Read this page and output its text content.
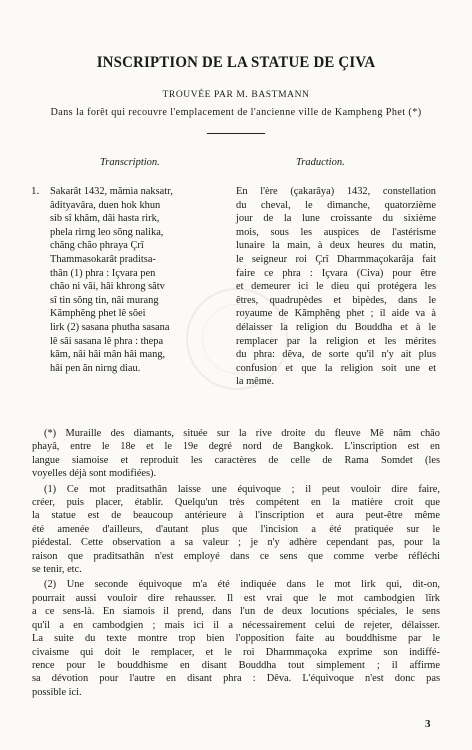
INSCRIPTION DE LA STATUE DE ÇIVA
TROUVÉE PAR M. BASTMANN
Dans la forêt qui recouvre l'emplacement de l'ancienne ville de Kampheng Phet (*)
Transcription.	Traduction.
1. Sakarât 1432, mămia naksatr,
âdityavâra, duen hok khun
sib sî khăm, dâi hasta rirk,
phela rirng leo sŏng nalika,
chăng chăo phraya Çrî
Thammasokarât praditsa-
thân (1) phra : Içvara pen
chăo ni văi, hâi khrong sătv
sî tin sŏng tin, nâi murang
Kămphĕng phet lê sŏei
lirk (2) sasana phutha sasana
lê sâi sasana lê phra : thepa
kăm, nâi hâi mân hâi mang,
hâi pen ăn nirng diau.
En l'ère (çakarâya) 1432, constellation
du cheval, le dimanche, quatorzième
jour de la lune croissante du sixième
mois, sous les auspices de l'astérisme
lunaire la main, à deux heures du matin,
le seigneur roi Çrî Dharmmaçokarâja fait
faire ce phra : Içvara (Civa) pour être
et demeurer ici le dieu qui protégera les
êtres, quadrupèdes et bipèdes, dans le
royaume de Kămphĕng phet ; il aide va à
délaisser la religion du Bouddha et à le
remplacer par la religion et les mérites
du phra: dêva, de sorte qu'il n'y ait plus
confusion et que la religion soit une et
la même.

(*) Muraille des diamants, située sur la rive droite du fleuve Mê nâm châo
phayâ, entre le 18e et le 19e degré nord de Bangkok. L'inscription est en
langue siamoise et reproduit les caractères de celle de Rama Somdet (les
voyelles déjà sont modifiées).

(1) Ce mot praditsathân laisse une équivoque ; il peut vouloir dire faire,
créer, puis placer, établir. Quelqu'un très compétent en la matière croit que
la statue est de beaucoup antérieure à l'inscription et aura peut-être même
été amenée d'ailleurs, d'autant plus que l'incision a été pratiquée sur le
piédestal. Cette observation a sa valeur ; je n'y adhère cependant pas, pour la
raison que praditsathân n'est employé dans ce sens que comme verbe réfléchi
se tenir, etc.

(2) Une seconde équivoque m'a été indiquée dans le mot lirk qui, dit-on,
pourrait aussi vouloir dire rehausser. Il est vrai que le mot cambodgien lîrk
a ce sens-là. En siamois il prend, dans l'un de deux locutions spéciales, le sens
qu'il a en cambodgien ; mais ici il a nécessairement celui de rejeter, délaisser.
La suite du texte montre trop bien l'opposition faite au bouddhisme par le
civaisme qui doit le remplacer, et le roi Dharmmaçoka exprime son indiffé-
rence pour le bouddhisme en disant Bouddha tout simplement ; il affirme
sa dévotion pour l'autre en disant phra : Dêva. L'équivoque n'est donc pas
possible ici.

3
